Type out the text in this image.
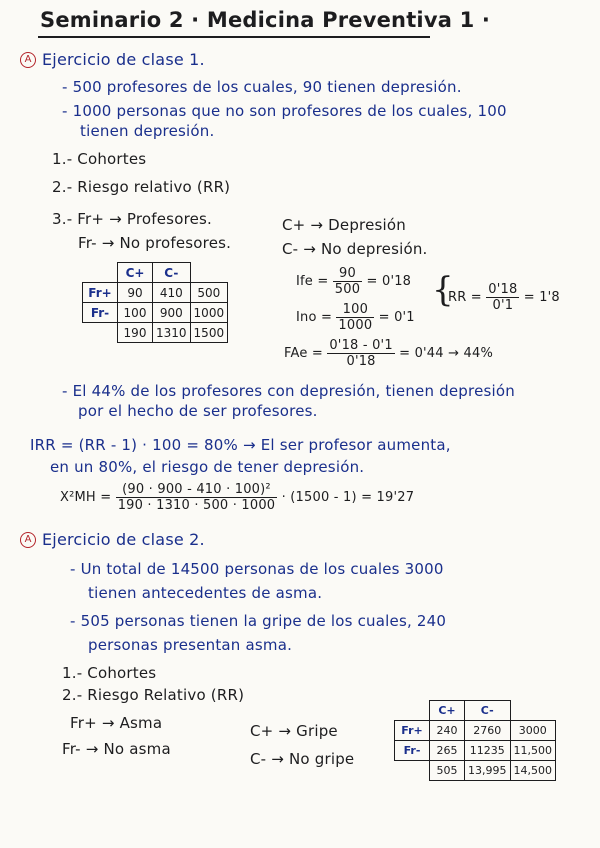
Seminario 2 · Medicina Preventiva 1 ·
A Ejercicio de clase 1.
- 500 profesores de los cuales, 90 tienen depresión.
- 1000 personas que no son profesores de los cuales, 100
tienen depresión.
1.- Cohortes
2.- Riesgo relativo (RR)
3.- Fr+ → Profesores.
Fr- → No profesores.
C+ → Depresión
C- → No depresión.
	C+	C-	
Fr+	90	410	500
Fr-	100	900	1000
	190	1310	1500
Ife = $\frac{90}{500} = 0'18$
Ino = $\frac{100}{1000} = 0'1$
{
RR = $\frac{0'18}{0'1} = 1'8$
FAe = $\frac{0'18 - 0'1}{0'18} = 0'44 \to 44\%$
- El 44% de los profesores con depresión, tienen depresión
por el hecho de ser profesores.
IRR = (RR - 1) · 100 = 80% → El ser profesor aumenta,
en un 80%, el riesgo de tener depresión.
$X^2MH = \frac{\text{(90 · 900 - 410 · 100)²}}{190 \cdot 1310 \cdot 500 \cdot 1000} \cdot (1500 - 1) = 19'27$
A Ejercicio de clase 2.
- Un total de 14500 personas de los cuales 3000
tienen antecedentes de asma.
- 505 personas tienen la gripe de los cuales, 240
personas presentan asma.
1.- Cohortes
2.- Riesgo Relativo (RR)
Fr+ → Asma
Fr- → No asma
C+ → Gripe
C- → No gripe
	C+	C-	
Fr+	240	2760	3000
Fr-	265	11235	11,500
	505	13,995	14,500
